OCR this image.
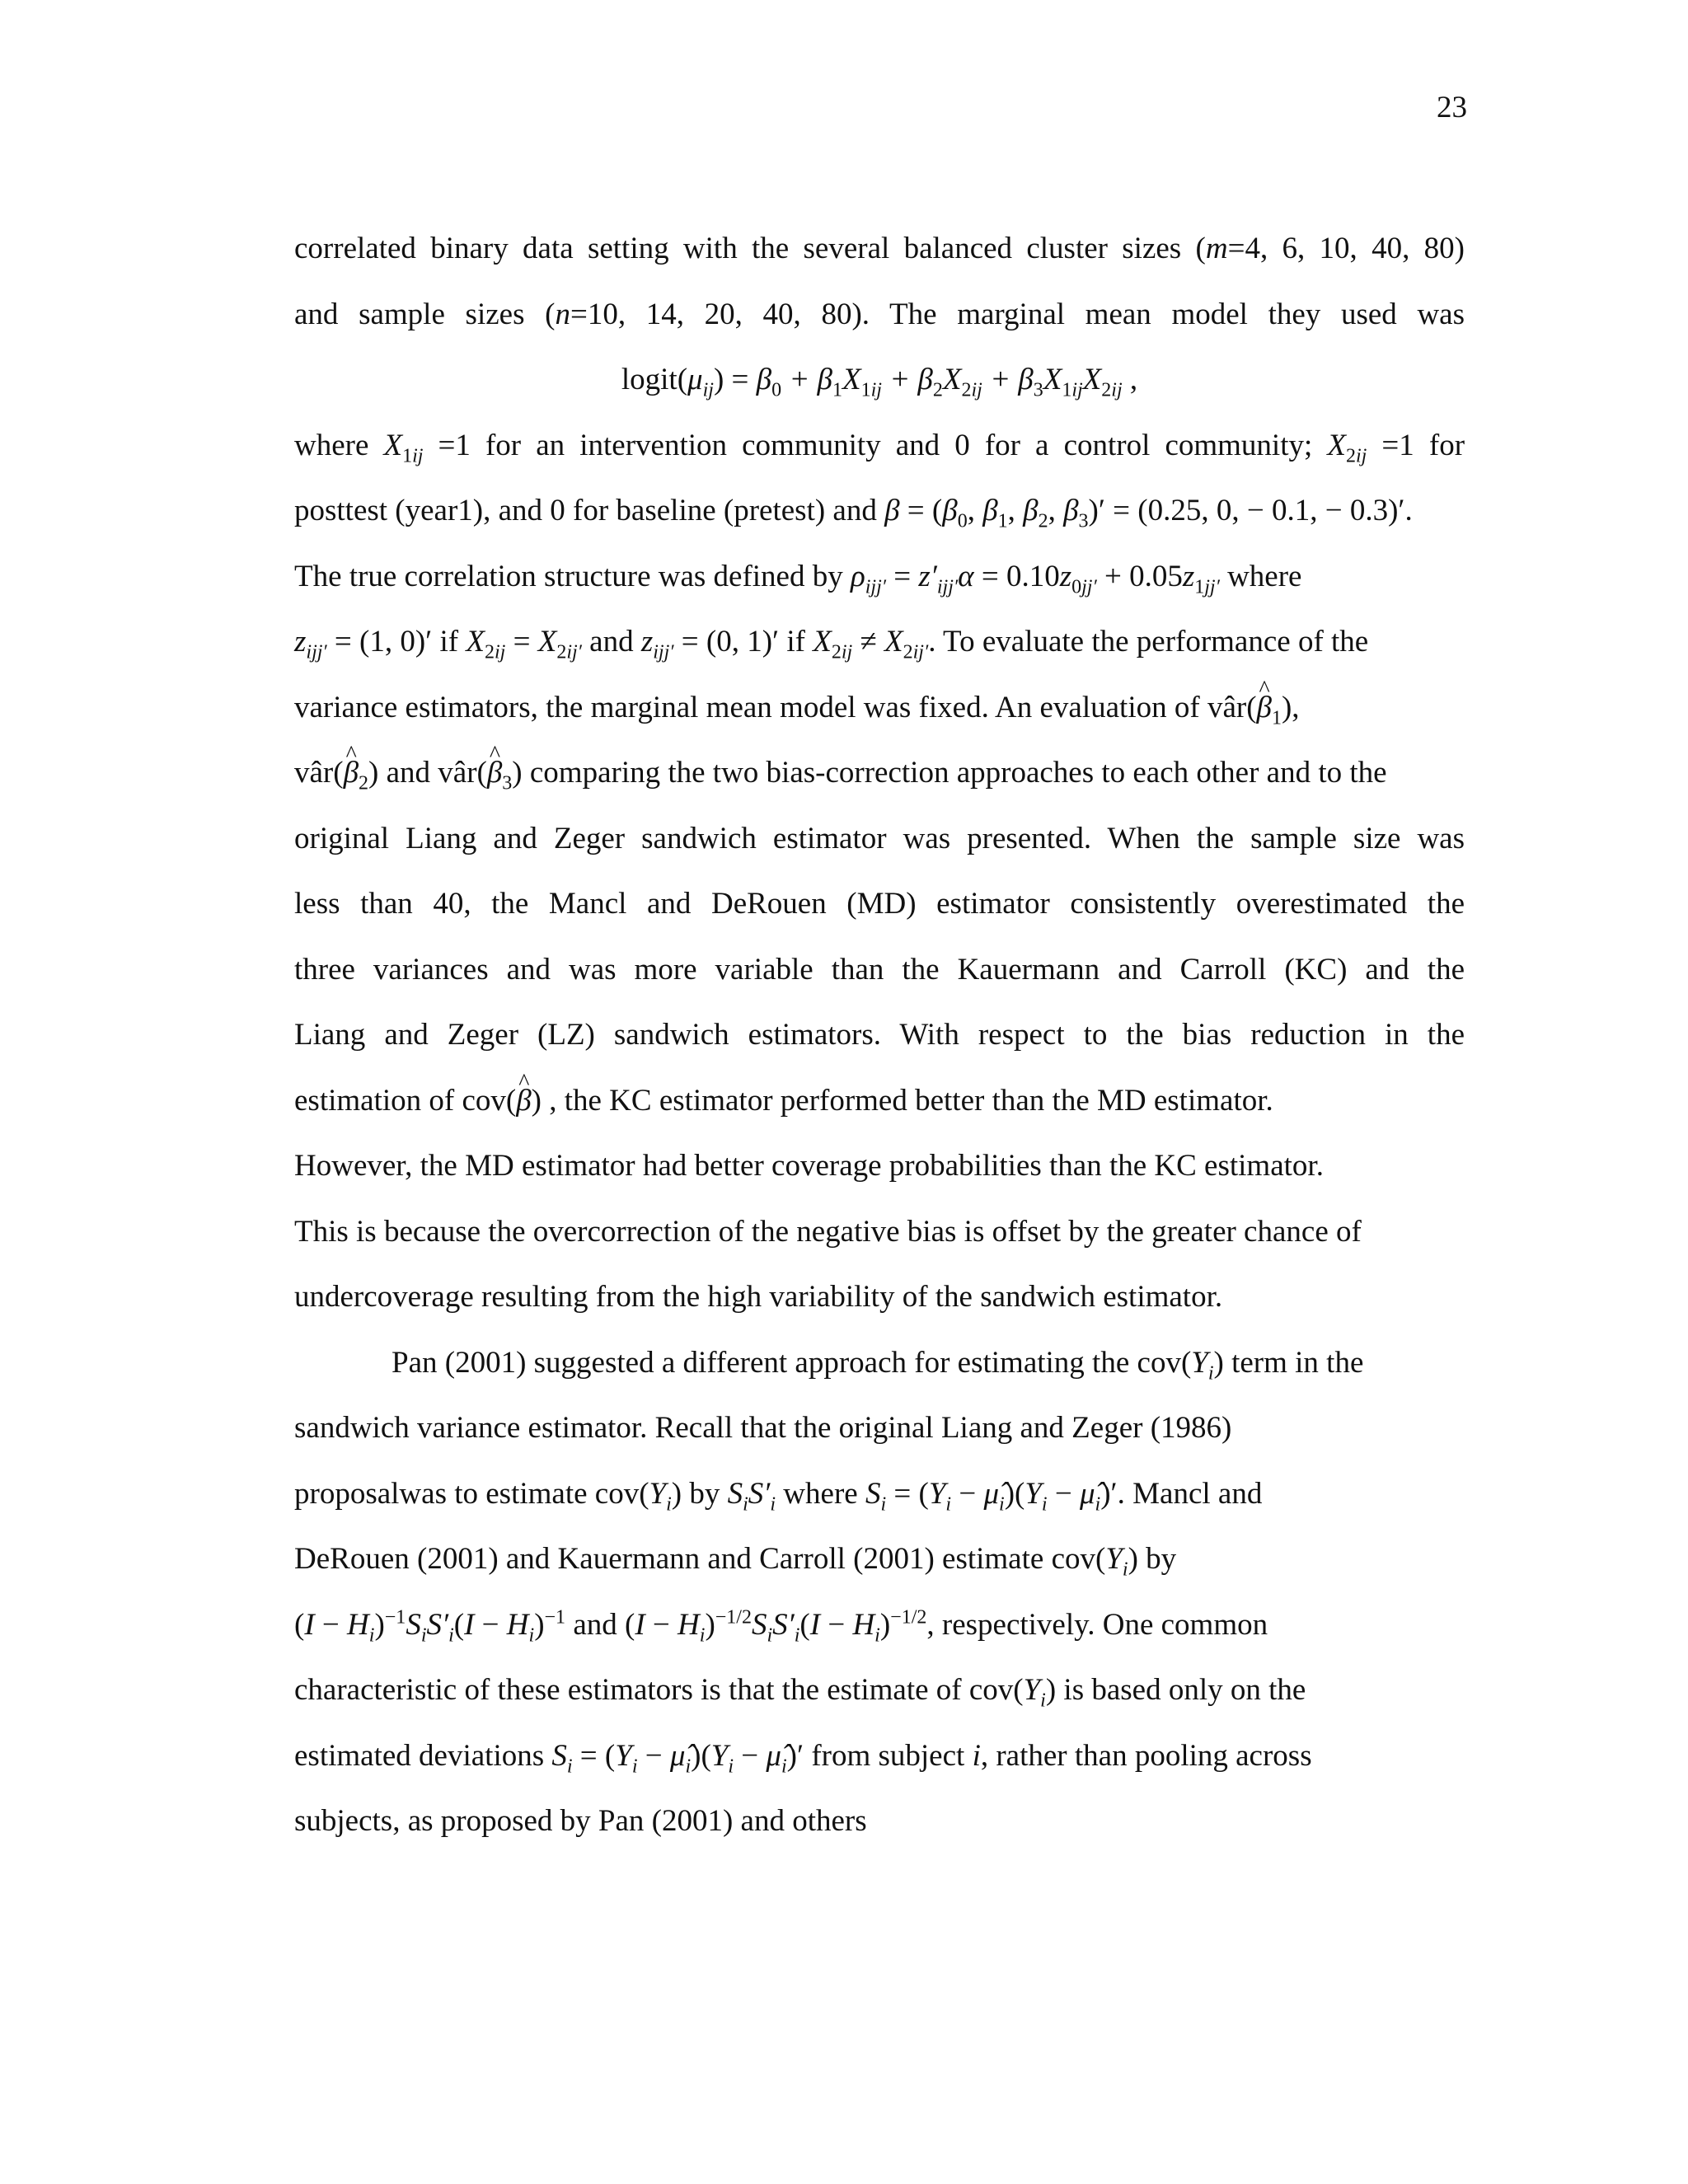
23
correlated binary data setting with the several balanced cluster sizes (m=4, 6, 10, 40, 80)
and sample sizes (n=10, 14, 20, 40, 80). The marginal mean model they used was
$logit(\mu_{ij}) = \beta_0 + \beta_1X_{1ij} + \beta_2X_{2ij} + \beta_3X_{1ij}X_{2ij}$ ,
where $X_{1ij} =1$ for an intervention community and 0 for a control community; $X_{2ij} =1$ for
posttest (year1), and 0 for baseline (pretest) and $\beta = (\beta_0$, $\beta_1$, $\beta_2$, $\beta_3)' = (0.25$, 0, − 0.1, − 0.3)′.
The true correlation structure was defined by $\rho_{ijj'} = z'_{ijj'}\alpha = 0.10z_{0jj'} + 0.05z_{1jj'}$ where
$z_{ijj'} = (1$, 0)′ if $X_{2ij} = X_{2ij'}$ and $z_{ijj'} = (0$, 1)′ if $X_{2ij} \ne X_{2ij'}$. To evaluate the performance of the
variance estimators, the marginal mean model was fixed. An evaluation of vâr(^ $\beta_1$),
vâr(^ $\beta_2$) and vâr(^ $\beta_3$) comparing the two bias-correction approaches to each other and to the
original Liang and Zeger sandwich estimator was presented. When the sample size was
less than 40, the Mancl and DeRouen (MD) estimator consistently overestimated the
three variances and was more variable than the Kauermann and Carroll (KC) and the
Liang and Zeger (LZ) sandwich estimators. With respect to the bias reduction in the
estimation of cov(^ β) , the KC estimator performed better than the MD estimator.
However, the MD estimator had better coverage probabilities than the KC estimator.
This is because the overcorrection of the negative bias is offset by the greater chance of
undercoverage resulting from the high variability of the sandwich estimator.
Pan (2001) suggested a different approach for estimating the $cov(Y_i)$ term in the
sandwich variance estimator. Recall that the original Liang and Zeger (1986)
proposalwas to estimate $cov(Y_i)$ by $S_iS'_i$ where $S_i = (Y_i$ − $\mû_i)(Y_i$ − $\mû_i)'$. Mancl and
DeRouen (2001) and Kauermann and Carroll (2001) estimate $cov(Y_i)$ by
$(I - H_i)^{-1}S_iS'_i(I - H_i)^{-1}$ and $(I - H_i)^{-1/2}S_iS'_i(I - H_i)^{-1/2}$, respectively. One common
characteristic of these estimators is that the estimate of $cov(Y_i)$ is based only on the
estimated deviations $S_i = (Y_i$ − $\mû_i)(Y_i$ − $\mû_i)'$ from subject i, rather than pooling across
subjects, as proposed by Pan (2001) and others
